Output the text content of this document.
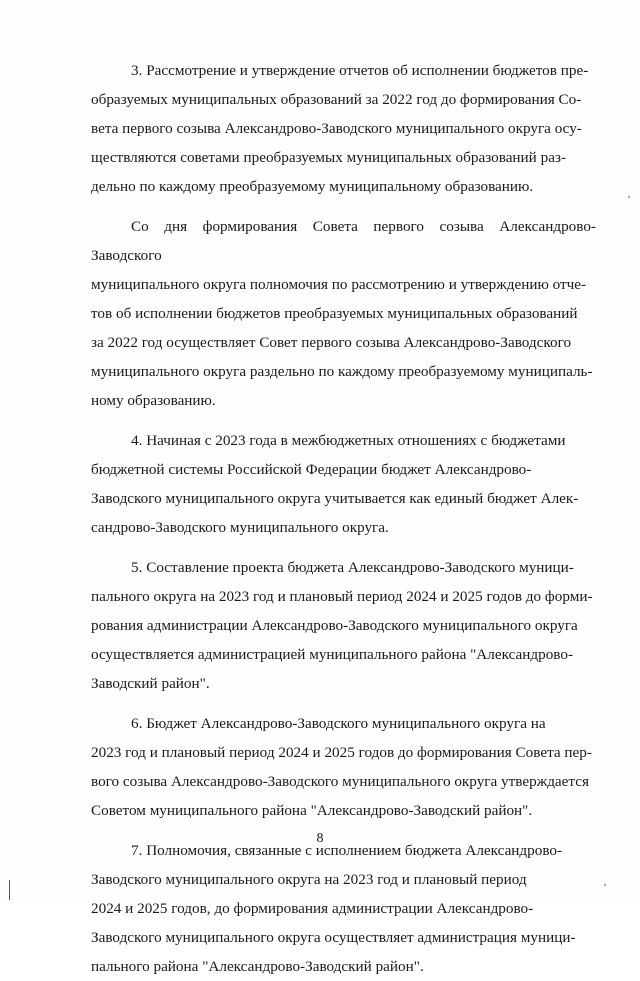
3. Рассмотрение и утверждение отчетов об исполнении бюджетов пре-
образуемых муниципальных образований за 2022 год до формирования Со-
вета первого созыва Александрово-Заводского муниципального округа осу-
ществляются советами преобразуемых муниципальных образований раз-
дельно по каждому преобразуемому муниципальному образованию.

Со дня формирования Совета первого созыва Александрово-Заводского
муниципального округа полномочия по рассмотрению и утверждению отче-
тов об исполнении бюджетов преобразуемых муниципальных образований
за 2022 год осуществляет Совет первого созыва Александрово-Заводского
муниципального округа раздельно по каждому преобразуемому муниципаль-
ному образованию.

4. Начиная с 2023 года в межбюджетных отношениях с бюджетами
бюджетной системы Российской Федерации бюджет Александрово-
Заводского муниципального округа учитывается как единый бюджет Алек-
сандрово-Заводского муниципального округа.

5. Составление проекта бюджета Александрово-Заводского муници-
пального округа на 2023 год и плановый период 2024 и 2025 годов до форми-
рования администрации Александрово-Заводского муниципального округа
осуществляется администрацией муниципального района "Александрово-
Заводский район".

6. Бюджет Александрово-Заводского муниципального округа на
2023 год и плановый период 2024 и 2025 годов до формирования Совета пер-
вого созыва Александрово-Заводского муниципального округа утверждается
Советом муниципального района "Александрово-Заводский район".

7. Полномочия, связанные с исполнением бюджета Александрово-
Заводского муниципального округа на 2023 год и плановый период
2024 и 2025 годов, до формирования администрации Александрово-
Заводского муниципального округа осуществляет администрация муници-
пального района "Александрово-Заводский район".

8
